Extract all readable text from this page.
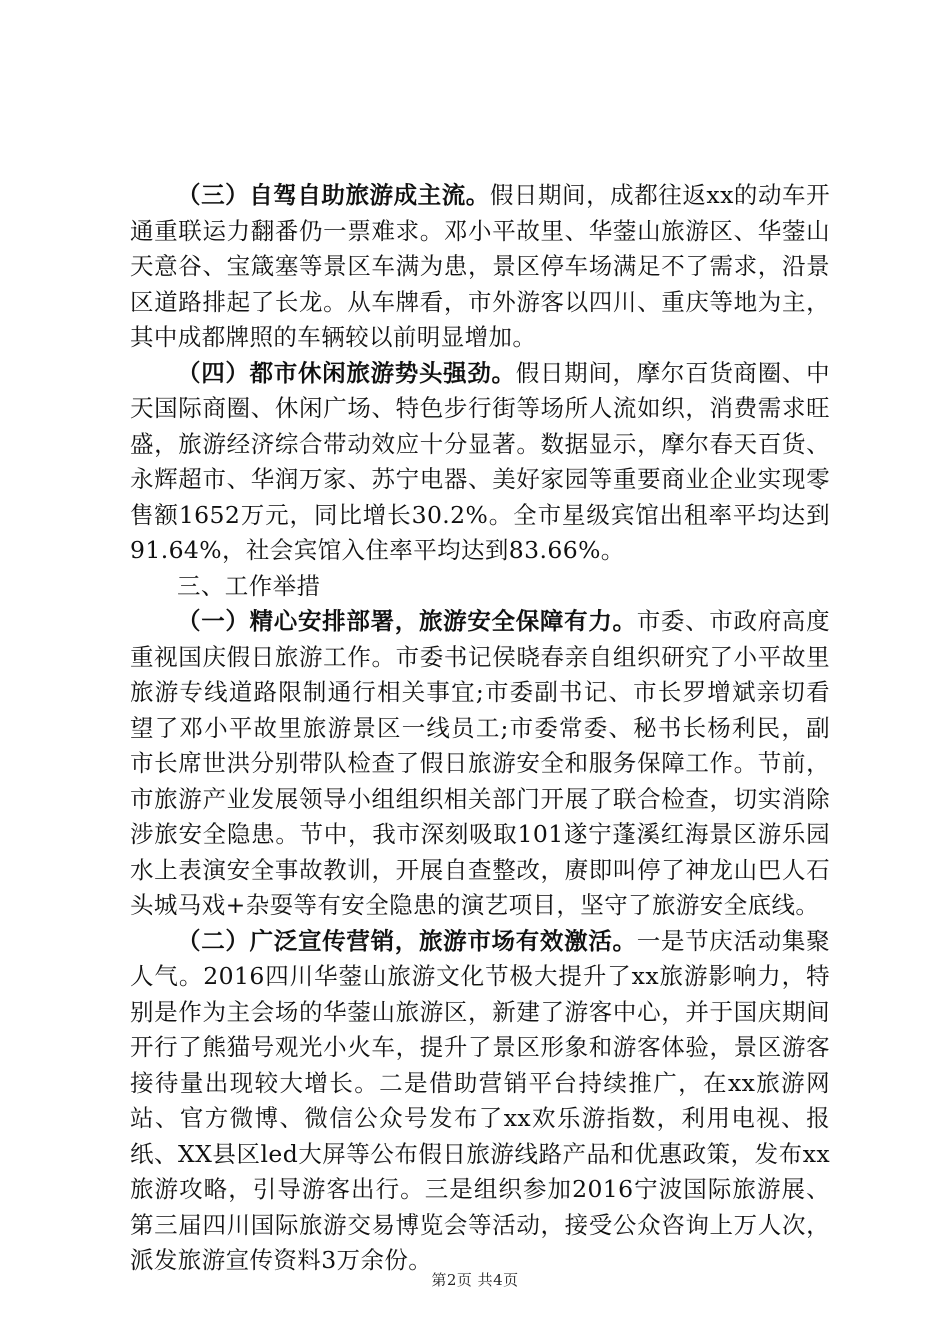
（三）自驾自助旅游成主流。假日期间，成都往返xx的动车开通重联运力翻番仍一票难求。邓小平故里、华蓥山旅游区、华蓥山天意谷、宝箴塞等景区车满为患，景区停车场满足不了需求，沿景区道路排起了长龙。从车牌看，市外游客以四川、重庆等地为主，其中成都牌照的车辆较以前明显增加。

（四）都市休闲旅游势头强劲。假日期间，摩尔百货商圈、中天国际商圈、休闲广场、特色步行街等场所人流如织，消费需求旺盛，旅游经济综合带动效应十分显著。数据显示，摩尔春天百货、永辉超市、华润万家、苏宁电器、美好家园等重要商业企业实现零售额1652万元，同比增长30.2%。全市星级宾馆出租率平均达到91.64%，社会宾馆入住率平均达到83.66%。

三、工作举措

（一）精心安排部署，旅游安全保障有力。市委、市政府高度重视国庆假日旅游工作。市委书记侯晓春亲自组织研究了小平故里旅游专线道路限制通行相关事宜;市委副书记、市长罗增斌亲切看望了邓小平故里旅游景区一线员工;市委常委、秘书长杨利民，副市长席世洪分别带队检查了假日旅游安全和服务保障工作。节前，市旅游产业发展领导小组组织相关部门开展了联合检查，切实消除涉旅安全隐患。节中，我市深刻吸取101遂宁蓬溪红海景区游乐园水上表演安全事故教训，开展自查整改，赓即叫停了神龙山巴人石头城马戏+杂耍等有安全隐患的演艺项目，坚守了旅游安全底线。

（二）广泛宣传营销，旅游市场有效激活。一是节庆活动集聚人气。2016四川华蓥山旅游文化节极大提升了xx旅游影响力，特别是作为主会场的华蓥山旅游区，新建了游客中心，并于国庆期间开行了熊猫号观光小火车，提升了景区形象和游客体验，景区游客接待量出现较大增长。二是借助营销平台持续推广，在xx旅游网站、官方微博、微信公众号发布了xx欢乐游指数，利用电视、报纸、XX县区led大屏等公布假日旅游线路产品和优惠政策，发布xx旅游攻略，引导游客出行。三是组织参加2016宁波国际旅游展、第三届四川国际旅游交易博览会等活动，接受公众咨询上万人次，派发旅游宣传资料3万余份。

第2页 共4页
